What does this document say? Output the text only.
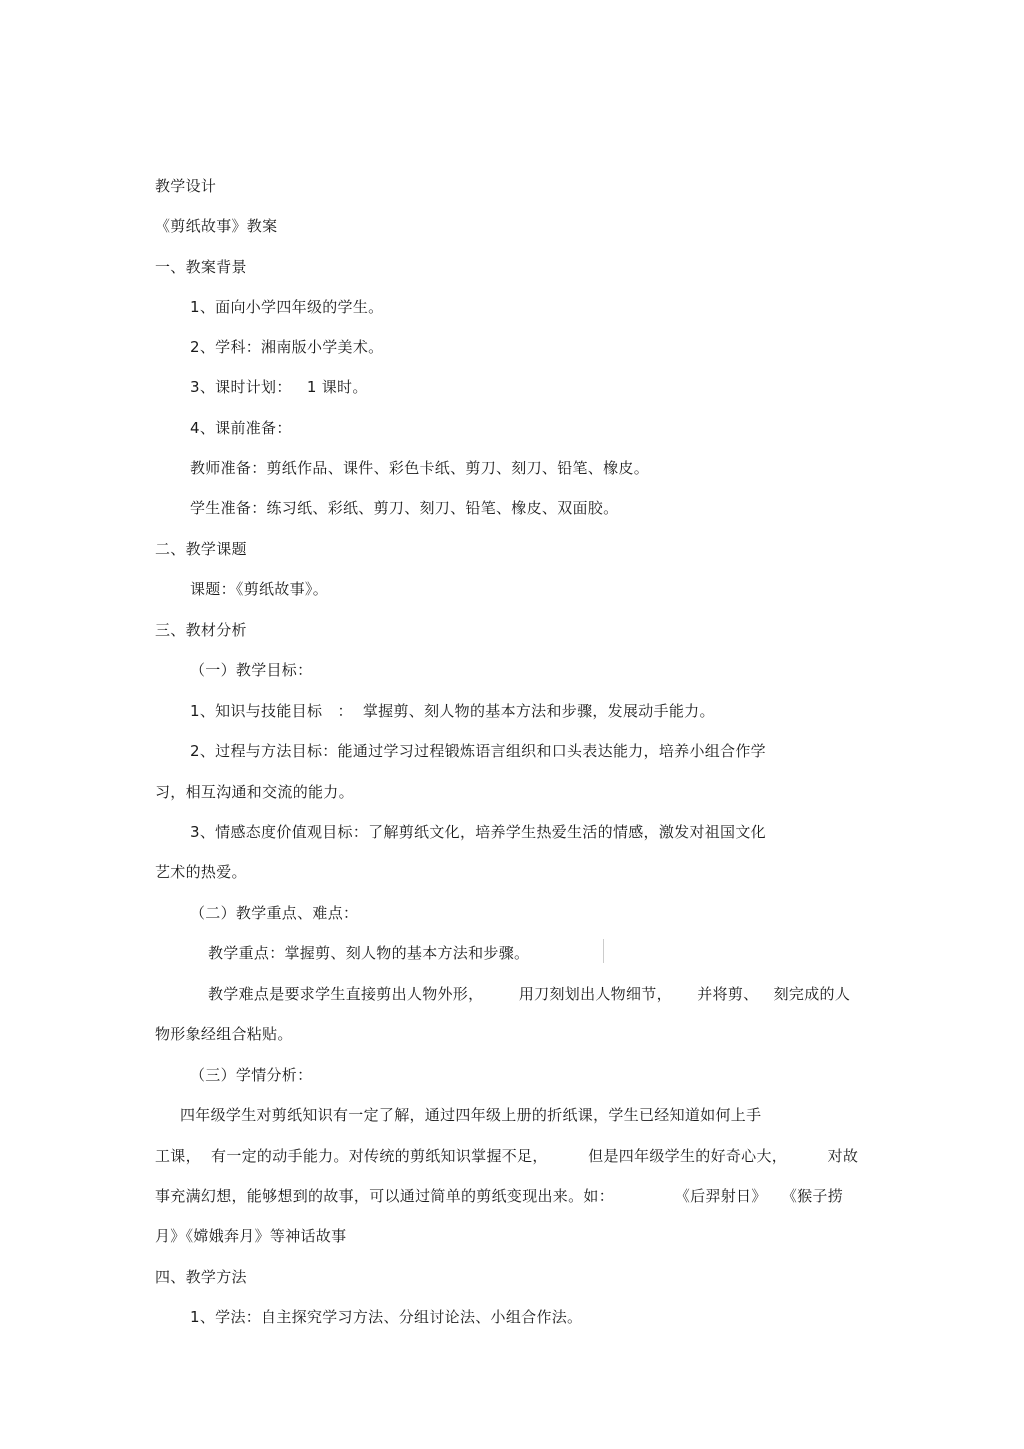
教学设计
《剪纸故事》教案
一、教案背景
1、面向小学四年级的学生。
2、学科：湘南版小学美术。
3、课时计划：   1 课时。
4、课前准备：
教师准备：剪纸作品、课件、彩色卡纸、剪刀、刻刀、铅笔、橡皮。
学生准备：练习纸、彩纸、剪刀、刻刀、铅笔、橡皮、双面胶。
二、教学课题
课题：《剪纸故事》。
三、教材分析
（一）教学目标：
1、知识与技能目标   ：  掌握剪、刻人物的基本方法和步骤，发展动手能力。
2、过程与方法目标：能通过学习过程锻炼语言组织和口头表达能力，培养小组合作学
习，相互沟通和交流的能力。
3、情感态度价值观目标：了解剪纸文化，培养学生热爱生活的情感，激发对祖国文化
艺术的热爱。
（二）教学重点、难点：
教学重点：掌握剪、刻人物的基本方法和步骤。
教学难点是要求学生直接剪出人物外形，       用刀刻划出人物细节，     并将剪、   刻完成的人
物形象经组合粘贴。
（三）学情分析：
四年级学生对剪纸知识有一定了解，通过四年级上册的折纸课，学生已经知道如何上手
工课，  有一定的动手能力。对传统的剪纸知识掌握不足，        但是四年级学生的好奇心大，        对故
事充满幻想，能够想到的故事，可以通过简单的剪纸变现出来。如：            《后羿射日》   《猴子捞
月》《嫦娥奔月》等神话故事
四、教学方法
1、学法：自主探究学习方法、分组讨论法、小组合作法。
